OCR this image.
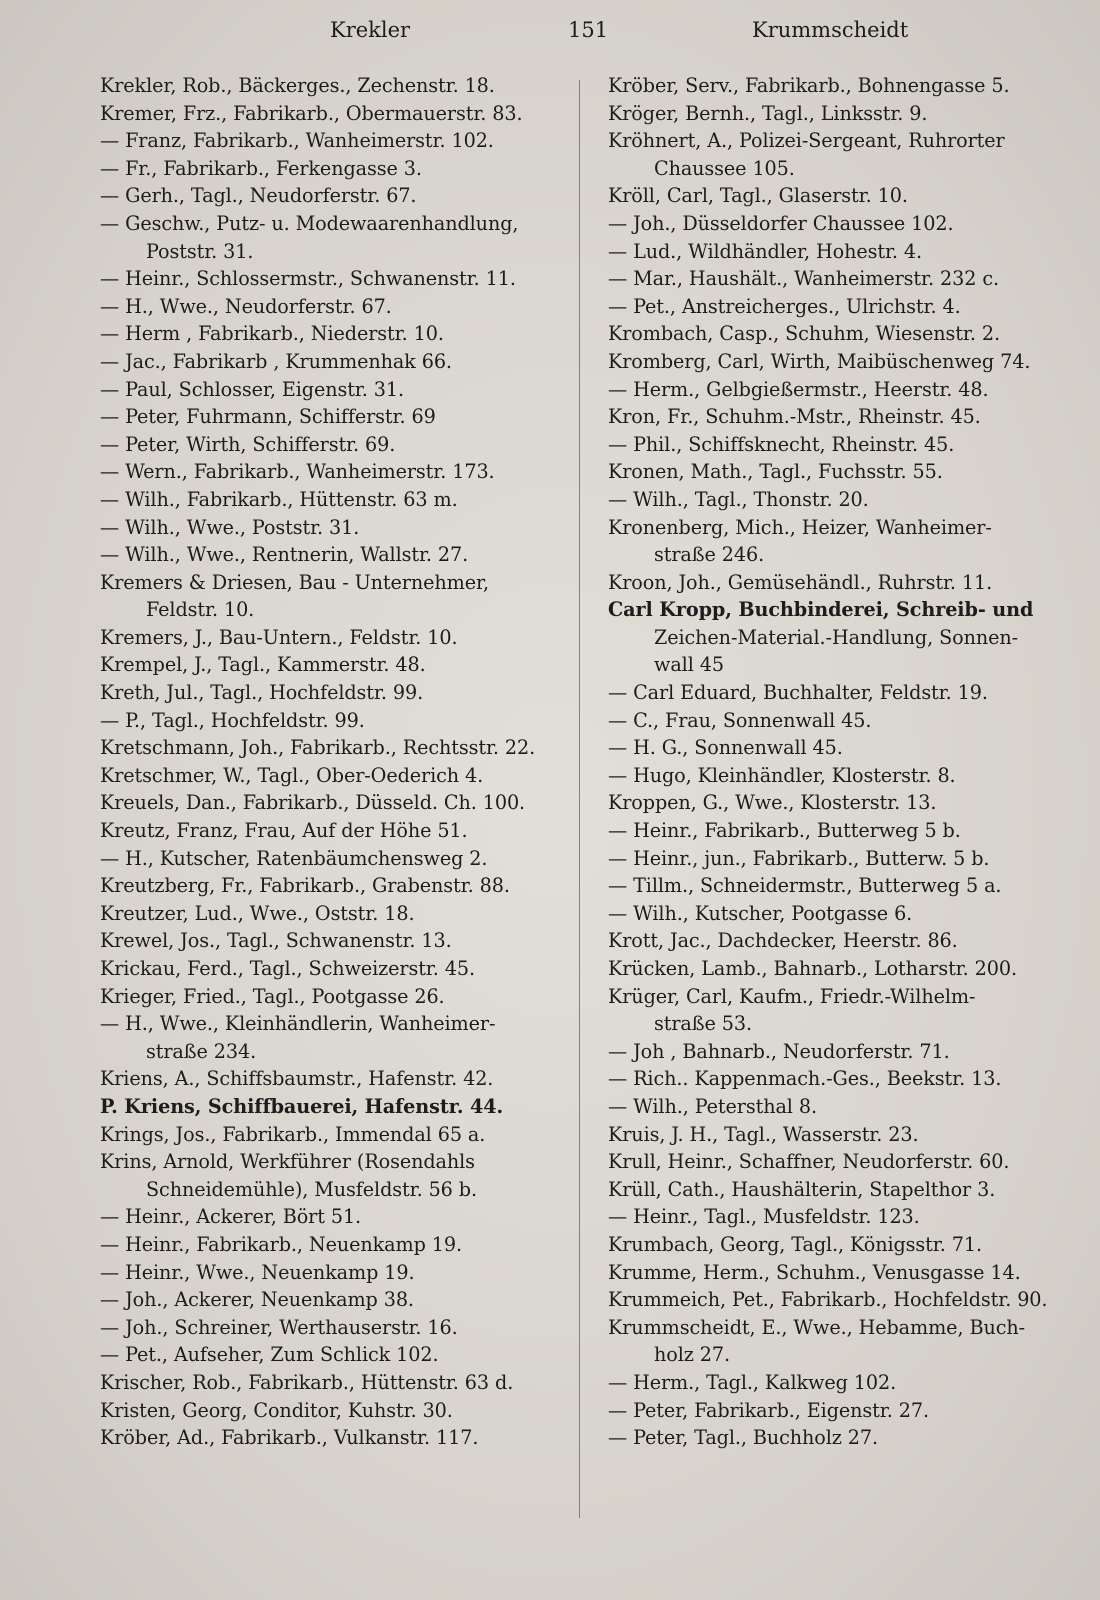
Krekler	151	Krummscheidt
Krekler, Rob., Bäckerges., Zechenstr. 18.
Kremer, Frz., Fabrikarb., Obermauerstr. 83.
— Franz, Fabrikarb., Wanheimerstr. 102.
— Fr., Fabrikarb., Ferkengasse 3.
— Gerh., Tagl., Neudorferstr. 67.
— Geschw., Putz- u. Modewaarenhandlung,
Poststr. 31.
— Heinr., Schlossermstr., Schwanenstr. 11.
— H., Wwe., Neudorferstr. 67.
— Herm , Fabrikarb., Niederstr. 10.
— Jac., Fabrikarb , Krummenhak 66.
— Paul, Schlosser, Eigenstr. 31.
— Peter, Fuhrmann, Schifferstr. 69
— Peter, Wirth, Schifferstr. 69.
— Wern., Fabrikarb., Wanheimerstr. 173.
— Wilh., Fabrikarb., Hüttenstr. 63 m.
— Wilh., Wwe., Poststr. 31.
— Wilh., Wwe., Rentnerin, Wallstr. 27.
Kremers & Driesen, Bau - Unternehmer,
Feldstr. 10.
Kremers, J., Bau-Untern., Feldstr. 10.
Krempel, J., Tagl., Kammerstr. 48.
Kreth, Jul., Tagl., Hochfeldstr. 99.
— P., Tagl., Hochfeldstr. 99.
Kretschmann, Joh., Fabrikarb., Rechtsstr. 22.
Kretschmer, W., Tagl., Ober-Oederich 4.
Kreuels, Dan., Fabrikarb., Düsseld. Ch. 100.
Kreutz, Franz, Frau, Auf der Höhe 51.
— H., Kutscher, Ratenbäumchensweg 2.
Kreutzberg, Fr., Fabrikarb., Grabenstr. 88.
Kreutzer, Lud., Wwe., Oststr. 18.
Krewel, Jos., Tagl., Schwanenstr. 13.
Krickau, Ferd., Tagl., Schweizerstr. 45.
Krieger, Fried., Tagl., Pootgasse 26.
— H., Wwe., Kleinhändlerin, Wanheimer-
straße 234.
Kriens, A., Schiffsbaumstr., Hafenstr. 42.
P. Kriens, Schiffbauerei, Hafenstr. 44.
Krings, Jos., Fabrikarb., Immendal 65 a.
Krins, Arnold, Werkführer (Rosendahls
Schneidemühle), Musfeldstr. 56 b.
— Heinr., Ackerer, Bört 51.
— Heinr., Fabrikarb., Neuenkamp 19.
— Heinr., Wwe., Neuenkamp 19.
— Joh., Ackerer, Neuenkamp 38.
— Joh., Schreiner, Werthauserstr. 16.
— Pet., Aufseher, Zum Schlick 102.
Krischer, Rob., Fabrikarb., Hüttenstr. 63 d.
Kristen, Georg, Conditor, Kuhstr. 30.
Kröber, Ad., Fabrikarb., Vulkanstr. 117.
Kröber, Serv., Fabrikarb., Bohnengasse 5.
Kröger, Bernh., Tagl., Linksstr. 9.
Kröhnert, A., Polizei-Sergeant, Ruhrorter
Chaussee 105.
Kröll, Carl, Tagl., Glaserstr. 10.
— Joh., Düsseldorfer Chaussee 102.
— Lud., Wildhändler, Hohestr. 4.
— Mar., Haushält., Wanheimerstr. 232 c.
— Pet., Anstreicherges., Ulrichstr. 4.
Krombach, Casp., Schuhm, Wiesenstr. 2.
Kromberg, Carl, Wirth, Maibüschenweg 74.
— Herm., Gelbgießermstr., Heerstr. 48.
Kron, Fr., Schuhm.-Mstr., Rheinstr. 45.
— Phil., Schiffsknecht, Rheinstr. 45.
Kronen, Math., Tagl., Fuchsstr. 55.
— Wilh., Tagl., Thonstr. 20.
Kronenberg, Mich., Heizer, Wanheimer-
straße 246.
Kroon, Joh., Gemüsehändl., Ruhrstr. 11.
Carl Kropp, Buchbinderei, Schreib- und
Zeichen-Material.-Handlung, Sonnen-
wall 45
— Carl Eduard, Buchhalter, Feldstr. 19.
— C., Frau, Sonnenwall 45.
— H. G., Sonnenwall 45.
— Hugo, Kleinhändler, Klosterstr. 8.
Kroppen, G., Wwe., Klosterstr. 13.
— Heinr., Fabrikarb., Butterweg 5 b.
— Heinr., jun., Fabrikarb., Butterw. 5 b.
— Tillm., Schneidermstr., Butterweg 5 a.
— Wilh., Kutscher, Pootgasse 6.
Krott, Jac., Dachdecker, Heerstr. 86.
Krücken, Lamb., Bahnarb., Lotharstr. 200.
Krüger, Carl, Kaufm., Friedr.-Wilhelm-
straße 53.
— Joh , Bahnarb., Neudorferstr. 71.
— Rich.. Kappenmach.-Ges., Beekstr. 13.
— Wilh., Petersthal 8.
Kruis, J. H., Tagl., Wasserstr. 23.
Krull, Heinr., Schaffner, Neudorferstr. 60.
Krüll, Cath., Haushälterin, Stapelthor 3.
— Heinr., Tagl., Musfeldstr. 123.
Krumbach, Georg, Tagl., Königsstr. 71.
Krumme, Herm., Schuhm., Venusgasse 14.
Krummeich, Pet., Fabrikarb., Hochfeldstr. 90.
Krummscheidt, E., Wwe., Hebamme, Buch-
holz 27.
— Herm., Tagl., Kalkweg 102.
— Peter, Fabrikarb., Eigenstr. 27.
— Peter, Tagl., Buchholz 27.
